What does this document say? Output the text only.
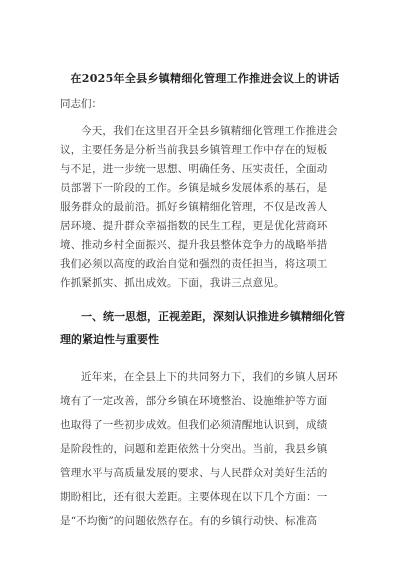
在2025年全县乡镇精细化管理工作推进会议上的讲话
同志们：
今天，我们在这里召开全县乡镇精细化管理工作推进会
议，主要任务是分析当前我县乡镇管理工作中存在的短板
与不足，进一步统一思想、明确任务、压实责任，全面动
员部署下一阶段的工作。乡镇是城乡发展体系的基石，是
服务群众的最前沿。抓好乡镇精细化管理，不仅是改善人
居环境、提升群众幸福指数的民生工程，更是优化营商环
境、推动乡村全面振兴、提升我县整体竞争力的战略举措
我们必须以高度的政治自觉和强烈的责任担当，将这项工
作抓紧抓实、抓出成效。下面，我讲三点意见。
一、统一思想，正视差距，深刻认识推进乡镇精细化管
理的紧迫性与重要性
近年来，在全县上下的共同努力下，我们的乡镇人居环
境有了一定改善，部分乡镇在环境整治、设施维护等方面
也取得了一些初步成效。但我们必须清醒地认识到，成绩
是阶段性的，问题和差距依然十分突出。当前，我县乡镇
管理水平与高质量发展的要求、与人民群众对美好生活的
期盼相比，还有很大差距。主要体现在以下几个方面：一
是“不均衡”的问题依然存在。有的乡镇行动快、标准高
